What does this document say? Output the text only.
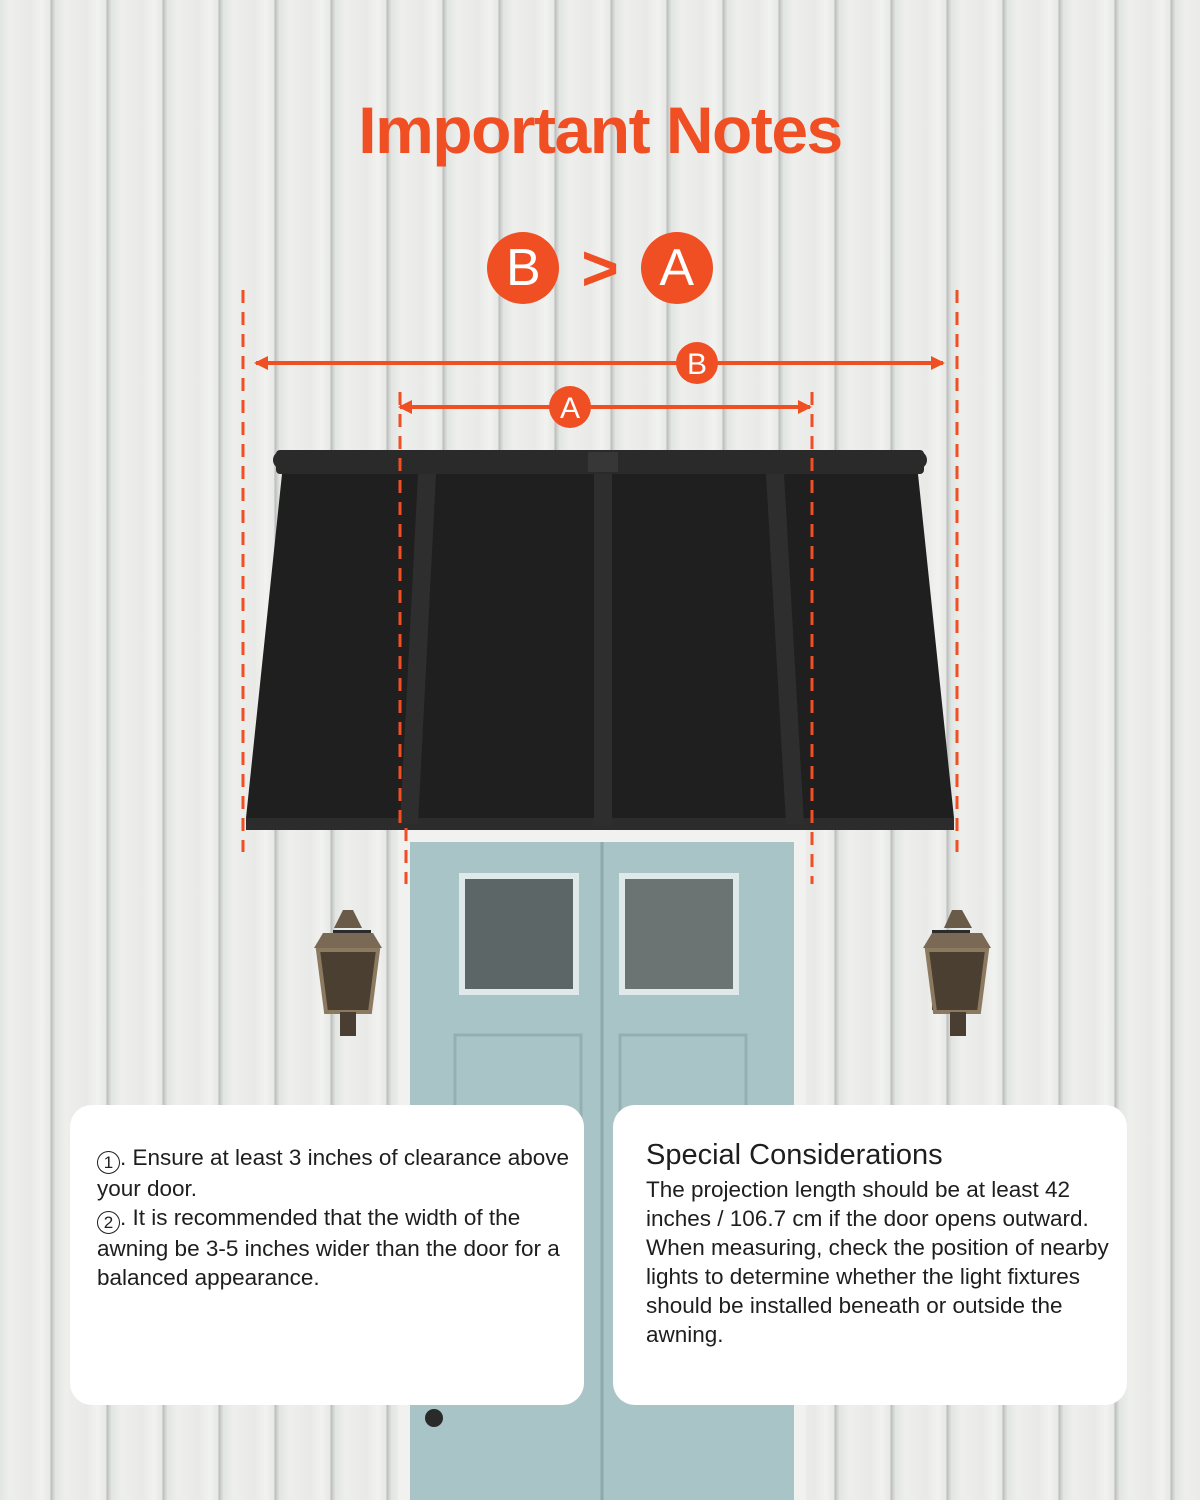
B
A
Important Notes
B > A
1 . Ensure at least 3 inches of clearance above your door.
2 . It is recommended that the width of the awning be 3-5 inches wider than the door for a balanced appearance.
Special Considerations
The projection length should be at least 42 inches / 106.7 cm if the door opens outward.
When measuring, check the position of nearby lights to determine whether the light fixtures should be installed beneath or outside the awning.
